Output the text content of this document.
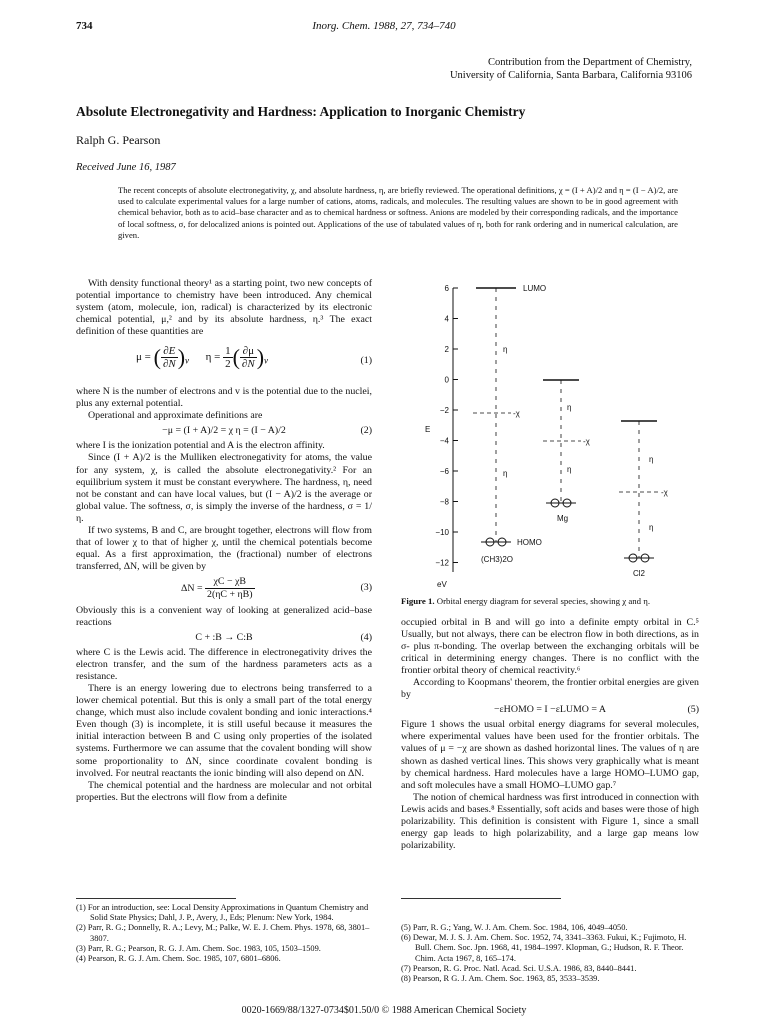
734	Inorg. Chem. 1988, 27, 734–740
Contribution from the Department of Chemistry,
University of California, Santa Barbara, California 93106
Absolute Electronegativity and Hardness: Application to Inorganic Chemistry
Ralph G. Pearson
Received June 16, 1987
The recent concepts of absolute electronegativity, χ, and absolute hardness, η, are briefly reviewed. The operational definitions, χ = (I + A)/2 and η = (I − A)/2, are used to calculate experimental values for a large number of cations, atoms, radicals, and molecules. The resulting values are shown to be in good agreement with chemical behavior, both as to acid–base character and as to chemical hardness or softness. Anions are modeled by their corresponding radicals, and the importance of local softness, σ, for delocalized anions is pointed out. Applications of the use of tabulated values of η, both for rank ordering and in numerical calculation, are given.

With density functional theory¹ as a starting point, two new concepts of potential importance to chemistry have been introduced. Any chemical system (atom, molecule, ion, radical) is characterized by its electronic chemical potential, μ,² and by its absolute hardness, η.³ The exact definition of these quantities are

μ = ( $\frac{\partial E}{\partial N} )_v$      $\eta = \frac{1}{2}$ ( $\frac{\partial\mu}{\partial N} )_v$	(1)

where N is the number of electrons and v is the potential due to the nuclei, plus any external potential.

Operational and approximate definitions are

−μ = (I + A)/2 = χ η = (I − A)/2	(2)

where I is the ionization potential and A is the electron affinity.

Since (I + A)/2 is the Mulliken electronegativity for atoms, the value for any system, χ, is called the absolute electronegativity.² For an equilibrium system it must be constant everywhere. The hardness, η, need not be constant and can have local values, but (I − A)/2 is the average or global value. The softness, σ, is simply the inverse of the hardness, σ = 1/η.

If two systems, B and C, are brought together, electrons will flow from that of lower χ to that of higher χ, until the chemical potentials become equal. As a first approximation, the (fractional) number of electrons transferred, ΔN, will be given by

$\Delta N = \frac{\chi C - \chi B}{2(\eta C + \eta B)}$	(3)

Obviously this is a convenient way of looking at generalized acid–base reactions

C + :B → C:B	(4)

where C is the Lewis acid. The difference in electronegativity drives the electron transfer, and the sum of the hardness parameters acts as a resistance.

There is an energy lowering due to electrons being transferred to a lower chemical potential. But this is only a small part of the total energy change, which must also include covalent bonding and ionic interactions.⁴ Even though (3) is incomplete, it is still useful because it measures the initial interaction between B and C using only properties of the isolated systems. Furthermore we can assume that the covalent bonding will show some proportionality to ΔN, since coordinate covalent bonding is involved. For neutral reactants the ionic binding will also depend on ΔN.

The chemical potential and the hardness are molecular and not orbital properties. But the electrons will flow from a definite

6
4
2
0
−2
−4
−6
−8
−10
−12
E
eV
LUMO
η
-χ
η
HOMO
(CH3)2O
η
-χ
η
Mg
η
-χ
η
Cl2
Figure 1. Orbital energy diagram for several species, showing χ and η.

occupied orbital in B and will go into a definite empty orbital in C.⁵ Usually, but not always, there can be electron flow in both directions, as in σ- plus π-bonding. The overlap between the exchanging orbitals will be critical in determining energy changes. There is no conflict with the frontier orbital theory of chemical reactivity.⁶

According to Koopmans' theorem, the frontier orbital energies are given by

−εHOMO = I −εLUMO = A	(5)

Figure 1 shows the usual orbital energy diagrams for several molecules, where experimental values have been used for the frontier orbitals. The values of μ = −χ are shown as dashed horizontal lines. The values of η are shown as dashed vertical lines. This shows very graphically what is meant by chemical hardness. Hard molecules have a large HOMO–LUMO gap, and soft molecules have a small HOMO–LUMO gap.⁷

The notion of chemical hardness was first introduced in connection with Lewis acids and bases.⁸ Essentially, soft acids and bases were those of high polarizability. This definition is consistent with Figure 1, since a small energy gap leads to high polarizability, and a large gap means low polarizability.

(1) For an introduction, see: Local Density Approximations in Quantum Chemistry and Solid State Physics; Dahl, J. P., Avery, J., Eds; Plenum: New York, 1984.
(2) Parr, R. G.; Donnelly, R. A.; Levy, M.; Palke, W. E. J. Chem. Phys. 1978, 68, 3801–3807.
(3) Parr, R. G.; Pearson, R. G. J. Am. Chem. Soc. 1983, 105, 1503–1509.
(4) Pearson, R. G. J. Am. Chem. Soc. 1985, 107, 6801–6806.
(5) Parr, R. G.; Yang, W. J. Am. Chem. Soc. 1984, 106, 4049–4050.
(6) Dewar, M. J. S. J. Am. Chem. Soc. 1952, 74, 3341–3363. Fukui, K.; Fujimoto, H. Bull. Chem. Soc. Jpn. 1968, 41, 1984–1997. Klopman, G.; Hudson, R. F. Theor. Chim. Acta 1967, 8, 165–174.
(7) Pearson, R. G. Proc. Natl. Acad. Sci. U.S.A. 1986, 83, 8440–8441.
(8) Pearson, R G. J. Am. Chem. Soc. 1963, 85, 3533–3539.
0020-1669/88/1327-0734$01.50/0 © 1988 American Chemical Society
